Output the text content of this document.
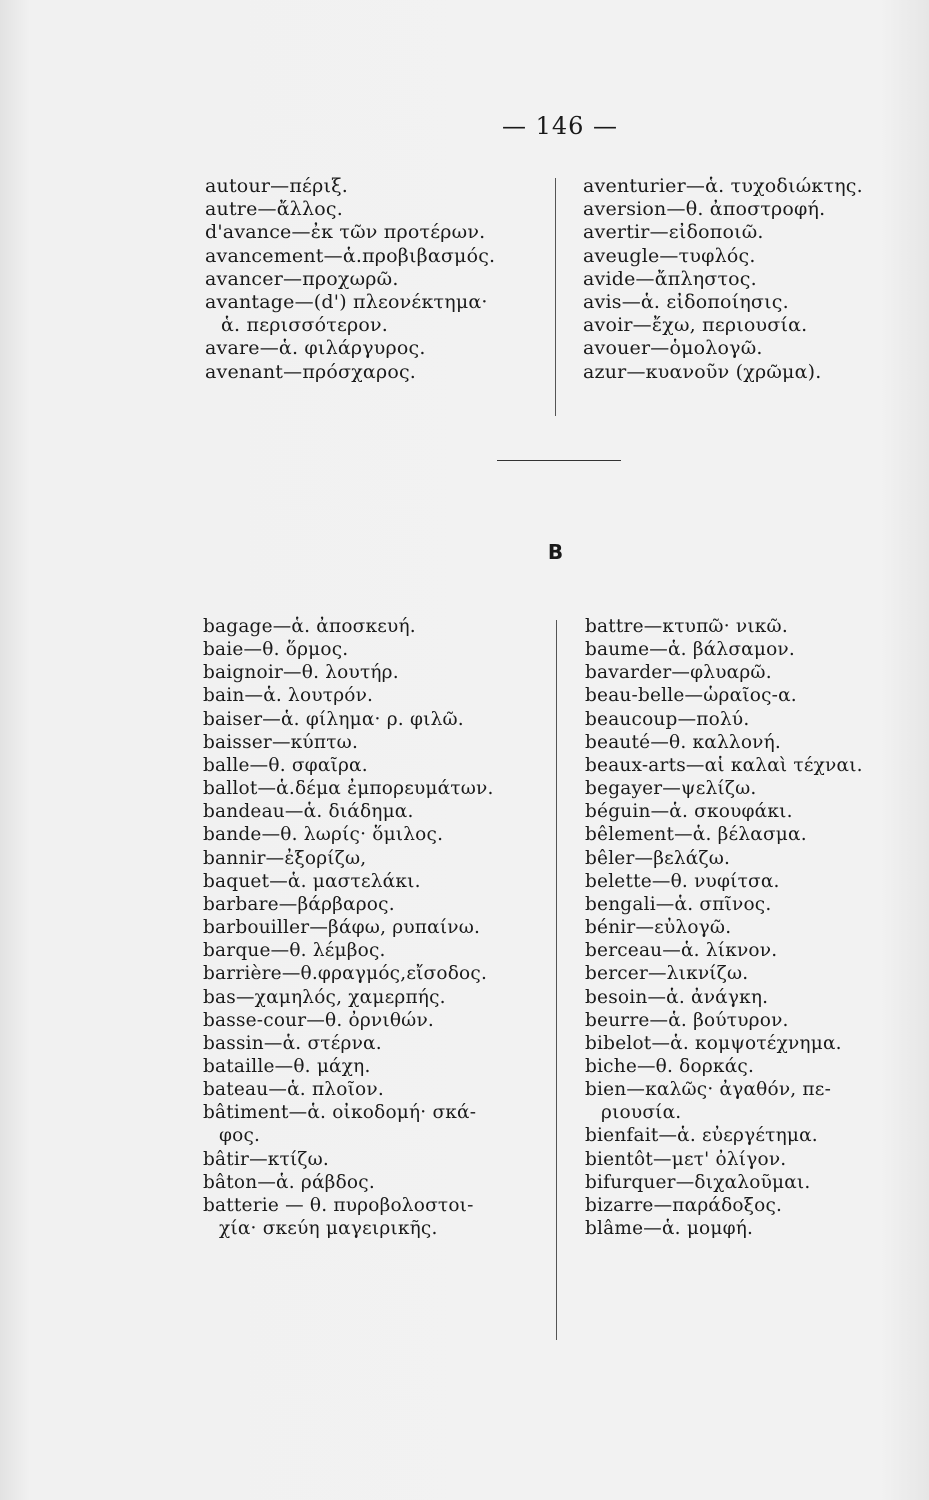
— 146 —
autour—πέριξ.
autre—ἄλλος.
d'avance—ἐκ τῶν προτέρων.
avancement—ἁ.προβιβασμός.
avancer—προχωρῶ.
avantage—(d') πλεονέκτημα·
ἁ. περισσότερον.
avare—ἁ. φιλάργυρος.
avenant—πρόσχαρος.
aventurier—ἁ. τυχοδιώκτης.
aversion—θ. ἀποστροφή.
avertir—εἰδοποιῶ.
aveugle—τυφλός.
avide—ἄπληστος.
avis—ἁ. εἰδοποίησις.
avoir—ἔχω, περιουσία.
avouer—ὁμολογῶ.
azur—κυανοῦν (χρῶμα).
B
bagage—ἁ. ἀποσκευή.
baie—θ. ὅρμος.
baignoir—θ. λουτήρ.
bain—ἁ. λουτρόν.
baiser—ἁ. φίλημα· ρ. φιλῶ.
baisser—κύπτω.
balle—θ. σφαῖρα.
ballot—ἁ.δέμα ἐμπορευμάτων.
bandeau—ἁ. διάδημα.
bande—θ. λωρίς· ὅμιλος.
bannir—ἐξορίζω,
baquet—ἁ. μαστελάκι.
barbare—βάρβαρος.
barbouiller—βάφω, ρυπαίνω.
barque—θ. λέμβος.
barrière—θ.φραγμός,εἴσοδος.
bas—χαμηλός, χαμερπής.
basse-cour—θ. ὀρνιθών.
bassin—ἁ. στέρνα.
bataille—θ. μάχη.
bateau—ἁ. πλοῖον.
bâtiment—ἁ. οἰκοδομή· σκά-
φος.
bâtir—κτίζω.
bâton—ἁ. ράβδος.
batterie — θ. πυροβολοστοι-
χία· σκεύη μαγειρικῆς.
battre—κτυπῶ· νικῶ.
baume—ἁ. βάλσαμον.
bavarder—φλυαρῶ.
beau-belle—ὡραῖος-α.
beaucoup—πολύ.
beauté—θ. καλλονή.
beaux-arts—αἱ καλαὶ τέχναι.
begayer—ψελίζω.
béguin—ἁ. σκουφάκι.
bêlement—ἁ. βέλασμα.
bêler—βελάζω.
belette—θ. νυφίτσα.
bengali—ἁ. σπῖνος.
bénir—εὐλογῶ.
berceau—ἁ. λίκνον.
bercer—λικνίζω.
besoin—ἁ. ἀνάγκη.
beurre—ἁ. βούτυρον.
bibelot—ἁ. κομψοτέχνημα.
biche—θ. δορκάς.
bien—καλῶς· ἀγαθόν, πε-
ριουσία.
bienfait—ἁ. εὐεργέτημα.
bientôt—μετ' ὀλίγον.
bifurquer—διχαλοῦμαι.
bizarre—παράδοξος.
blâme—ἁ. μομφή.
